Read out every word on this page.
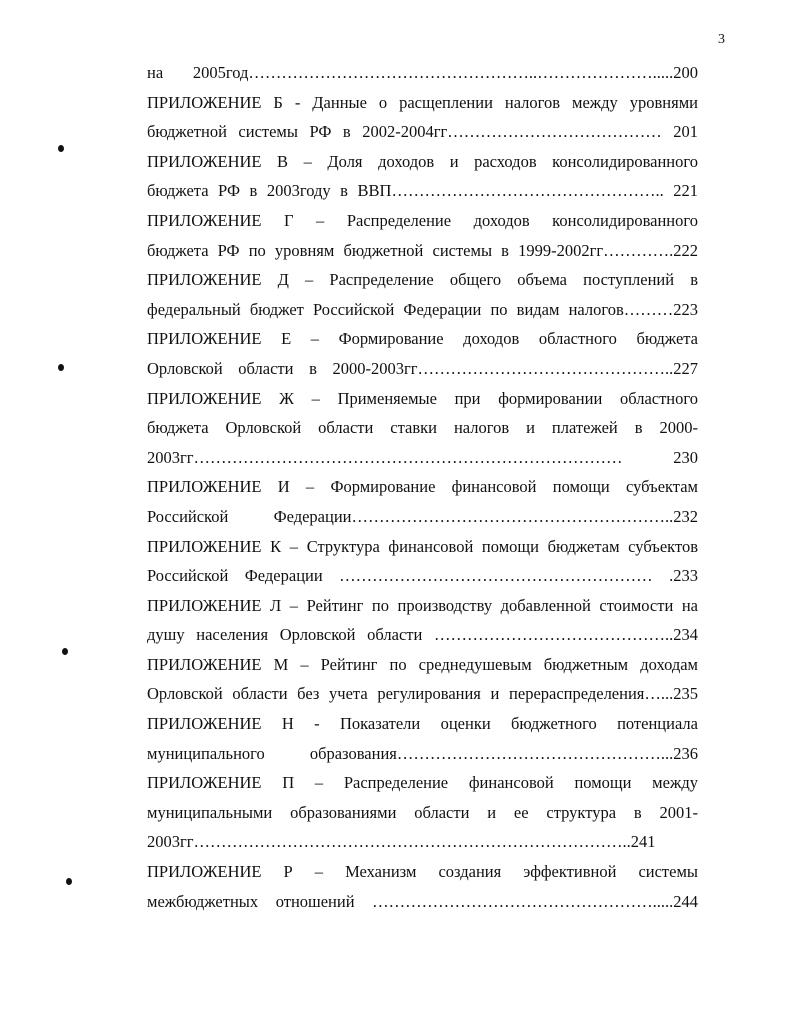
3
на 2005год……………………………………………..………………….....200
ПРИЛОЖЕНИЕ Б - Данные о расщеплении налогов между уровнями
бюджетной системы РФ в 2002-2004гг………………………………… 201
ПРИЛОЖЕНИЕ В – Доля доходов и расходов консолидированного
бюджета РФ в 2003году в ВВП………………………………………….. 221
ПРИЛОЖЕНИЕ Г – Распределение доходов консолидированного
бюджета РФ по уровням бюджетной системы в 1999-2002гг………….222
ПРИЛОЖЕНИЕ Д – Распределение общего объема поступлений в
федеральный бюджет Российской Федерации по видам налогов………223
ПРИЛОЖЕНИЕ Е – Формирование доходов областного бюджета
Орловской области в 2000-2003гг………………………………………..227
ПРИЛОЖЕНИЕ Ж – Применяемые при формировании областного
бюджета Орловской области ставки налогов и платежей в 2000-
2003гг…………………………………………………………………… 230
ПРИЛОЖЕНИЕ И – Формирование финансовой помощи субъектам
Российской Федерации…………………………………………………..232
ПРИЛОЖЕНИЕ К – Структура финансовой помощи бюджетам субъектов
Российской Федерации ………………………………………………… .233
ПРИЛОЖЕНИЕ Л – Рейтинг по производству добавленной стоимости на
душу населения Орловской области ……………………………………..234
ПРИЛОЖЕНИЕ М – Рейтинг по среднедушевым бюджетным доходам
Орловской области без учета регулирования и перераспределения…...235
ПРИЛОЖЕНИЕ Н - Показатели оценки бюджетного потенциала
муниципального образования…………………………………………...236
ПРИЛОЖЕНИЕ П – Распределение финансовой помощи между
муниципальными образованиями области и ее структура в 2001-
2003гг……………………………………………………………………..241
ПРИЛОЖЕНИЕ Р – Механизм создания эффективной системы
межбюджетных отношений …………………………………………….....244
